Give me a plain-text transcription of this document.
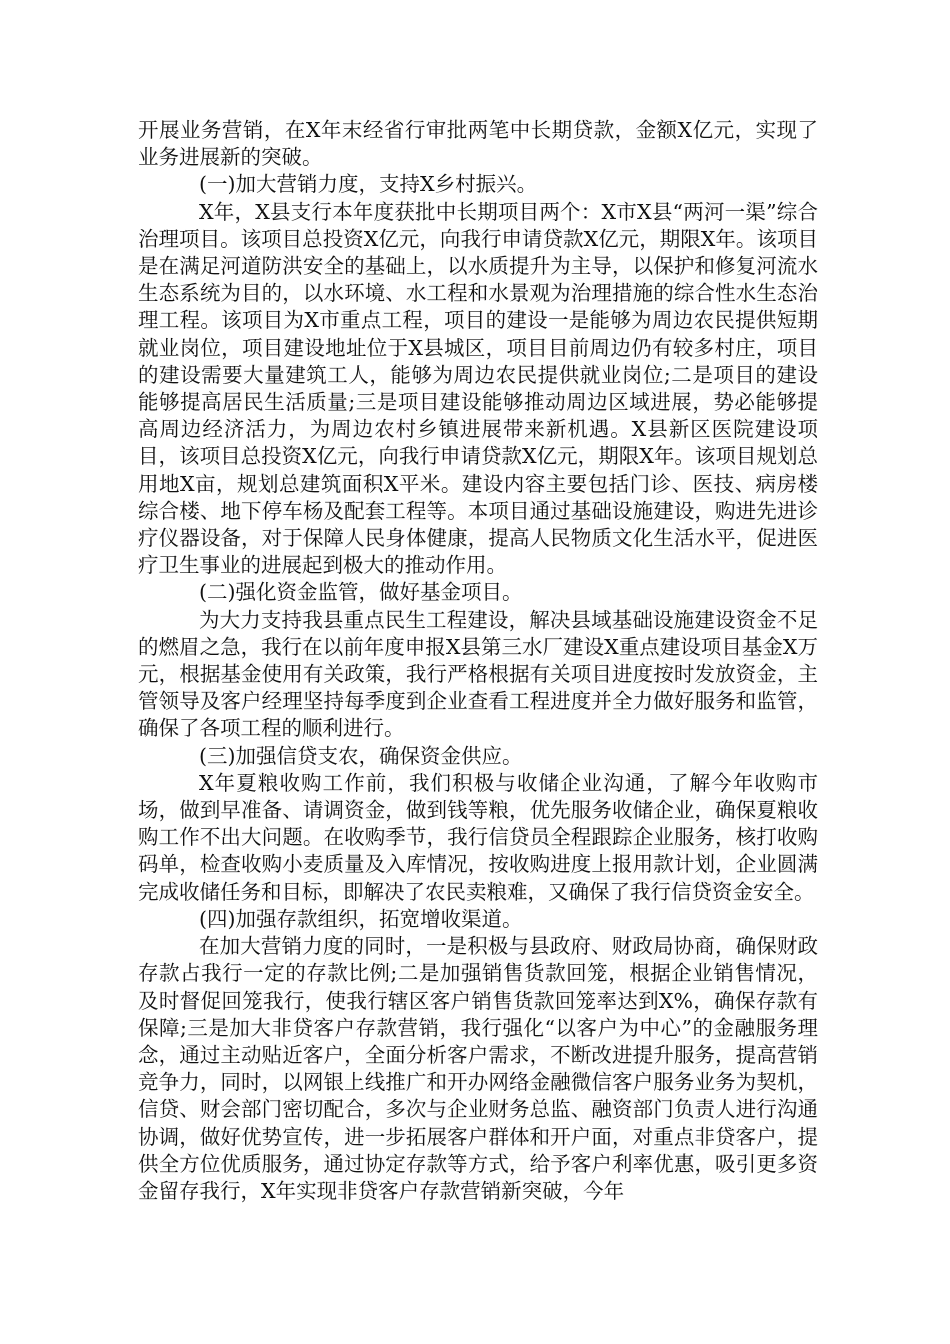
开展业务营销，在X年末经省行审批两笔中长期贷款，金额X亿元，实现了业务进展新的突破。

(一)加大营销力度，支持X乡村振兴。

X年，X县支行本年度获批中长期项目两个：X市X县“两河一渠”综合治理项目。该项目总投资X亿元，向我行申请贷款X亿元，期限X年。该项目是在满足河道防洪安全的基础上，以水质提升为主导，以保护和修复河流水生态系统为目的，以水环境、水工程和水景观为治理措施的综合性水生态治理工程。该项目为X市重点工程，项目的建设一是能够为周边农民提供短期就业岗位，项目建设地址位于X县城区，项目目前周边仍有较多村庄，项目的建设需要大量建筑工人，能够为周边农民提供就业岗位;二是项目的建设能够提高居民生活质量;三是项目建设能够推动周边区域进展，势必能够提高周边经济活力，为周边农村乡镇进展带来新机遇。X县新区医院建设项目，该项目总投资X亿元，向我行申请贷款X亿元，期限X年。该项目规划总用地X亩，规划总建筑面积X平米。建设内容主要包括门诊、医技、病房楼综合楼、地下停车杨及配套工程等。本项目通过基础设施建设，购进先进诊疗仪器设备，对于保障人民身体健康，提高人民物质文化生活水平，促进医疗卫生事业的进展起到极大的推动作用。

(二)强化资金监管，做好基金项目。

为大力支持我县重点民生工程建设，解决县域基础设施建设资金不足的燃眉之急，我行在以前年度申报X县第三水厂建设X重点建设项目基金X万元，根据基金使用有关政策，我行严格根据有关项目进度按时发放资金，主管领导及客户经理坚持每季度到企业查看工程进度并全力做好服务和监管，确保了各项工程的顺利进行。

(三)加强信贷支农，确保资金供应。

X年夏粮收购工作前，我们积极与收储企业沟通，了解今年收购市场，做到早准备、请调资金，做到钱等粮，优先服务收储企业，确保夏粮收购工作不出大问题。在收购季节，我行信贷员全程跟踪企业服务，核打收购码单，检查收购小麦质量及入库情况，按收购进度上报用款计划，企业圆满完成收储任务和目标，即解决了农民卖粮难，又确保了我行信贷资金安全。

(四)加强存款组织，拓宽增收渠道。

在加大营销力度的同时，一是积极与县政府、财政局协商，确保财政存款占我行一定的存款比例;二是加强销售货款回笼，根据企业销售情况，及时督促回笼我行，使我行辖区客户销售货款回笼率达到X%，确保存款有保障;三是加大非贷客户存款营销，我行强化“以客户为中心”的金融服务理念，通过主动贴近客户，全面分析客户需求，不断改进提升服务，提高营销竞争力，同时，以网银上线推广和开办网络金融微信客户服务业务为契机，信贷、财会部门密切配合，多次与企业财务总监、融资部门负责人进行沟通协调，做好优势宣传，进一步拓展客户群体和开户面，对重点非贷客户，提供全方位优质服务，通过协定存款等方式，给予客户利率优惠，吸引更多资金留存我行，X年实现非贷客户存款营销新突破，今年
